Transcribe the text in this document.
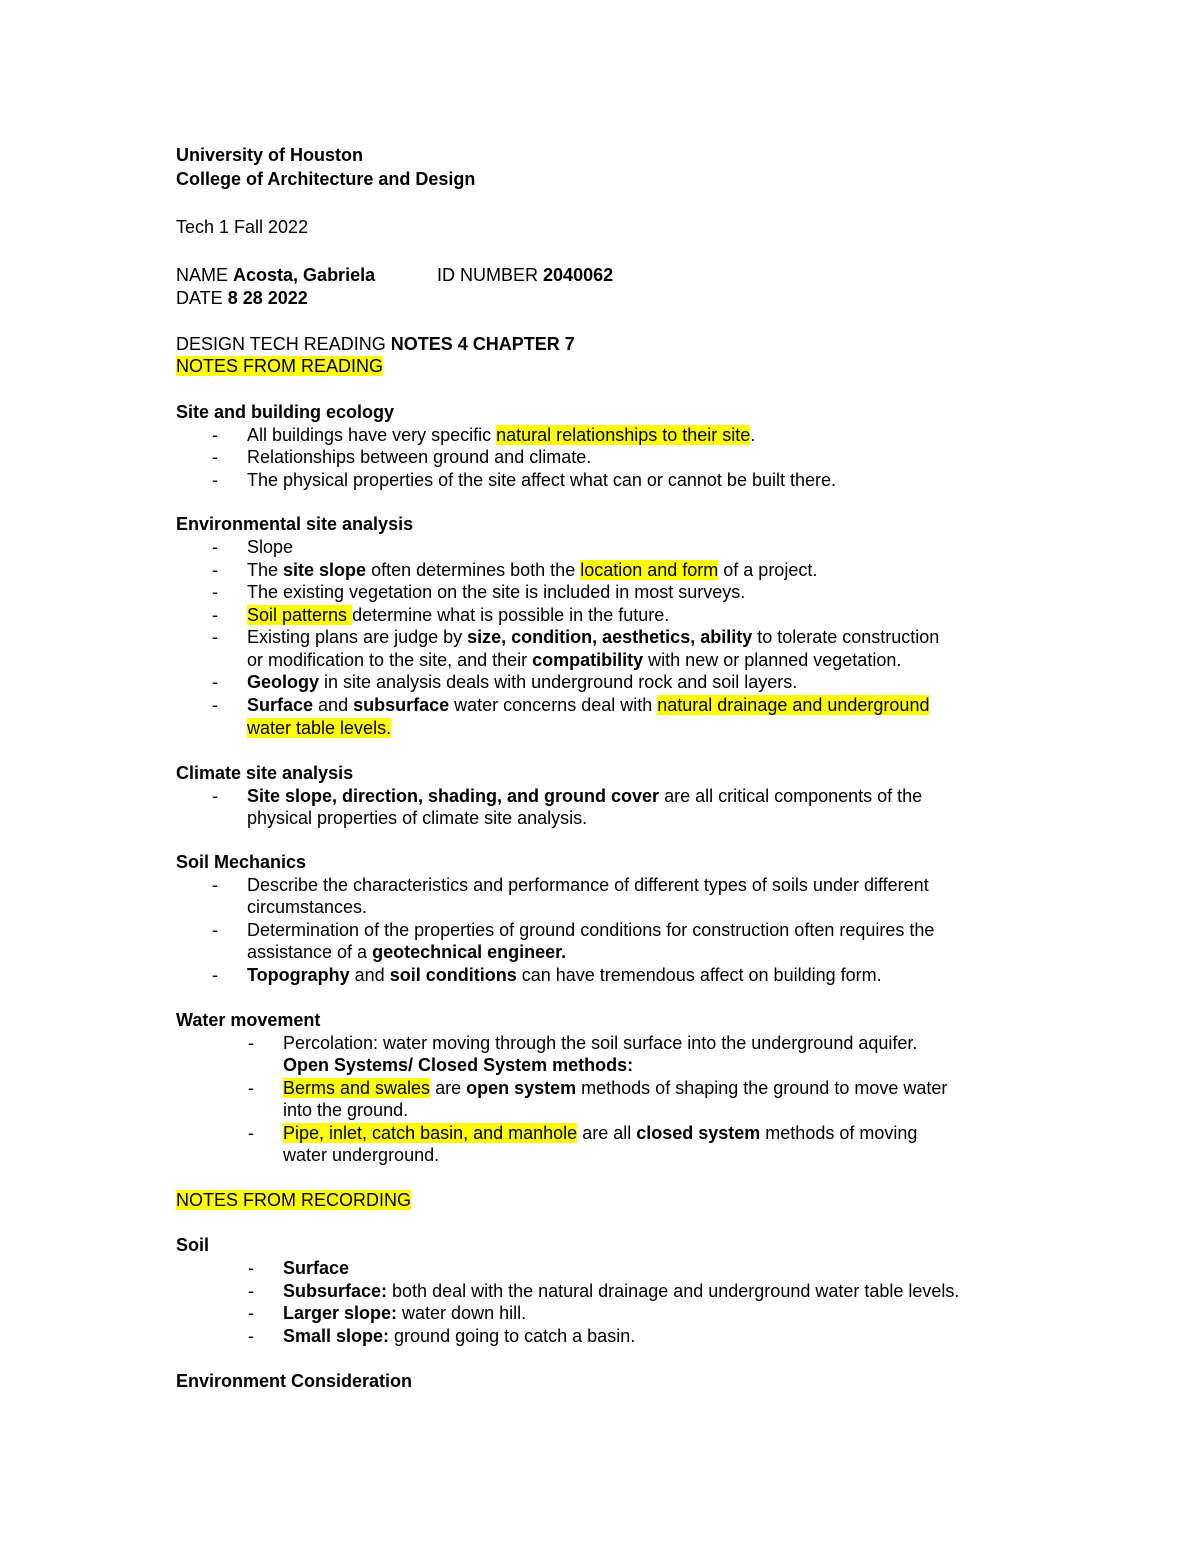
University of Houston
College of Architecture and Design
Tech 1 Fall 2022
NAME Acosta, Gabriela	ID NUMBER 2040062
DATE 8 28 2022
DESIGN TECH READING NOTES 4 CHAPTER 7
NOTES FROM READING
Site and building ecology
- All buildings have very specific natural relationships to their site.
- Relationships between ground and climate.
- The physical properties of the site affect what can or cannot be built there.
Environmental site analysis
- Slope
- The site slope often determines both the location and form of a project.
- The existing vegetation on the site is included in most surveys.
- Soil patterns determine what is possible in the future.
- Existing plans are judge by size, condition, aesthetics, ability to tolerate construction
or modification to the site, and their compatibility with new or planned vegetation.
- Geology in site analysis deals with underground rock and soil layers.
- Surface and subsurface water concerns deal with natural drainage and underground
water table levels.
Climate site analysis
- Site slope, direction, shading, and ground cover are all critical components of the
physical properties of climate site analysis.
Soil Mechanics
- Describe the characteristics and performance of different types of soils under different
circumstances.
- Determination of the properties of ground conditions for construction often requires the
assistance of a geotechnical engineer.
- Topography and soil conditions can have tremendous affect on building form.
Water movement
- Percolation: water moving through the soil surface into the underground aquifer.
Open Systems/ Closed System methods:
- Berms and swales are open system methods of shaping the ground to move water
into the ground.
- Pipe, inlet, catch basin, and manhole are all closed system methods of moving
water underground.
NOTES FROM RECORDING
Soil
- Surface
- Subsurface: both deal with the natural drainage and underground water table levels.
- Larger slope: water down hill.
- Small slope: ground going to catch a basin.
Environment Consideration
